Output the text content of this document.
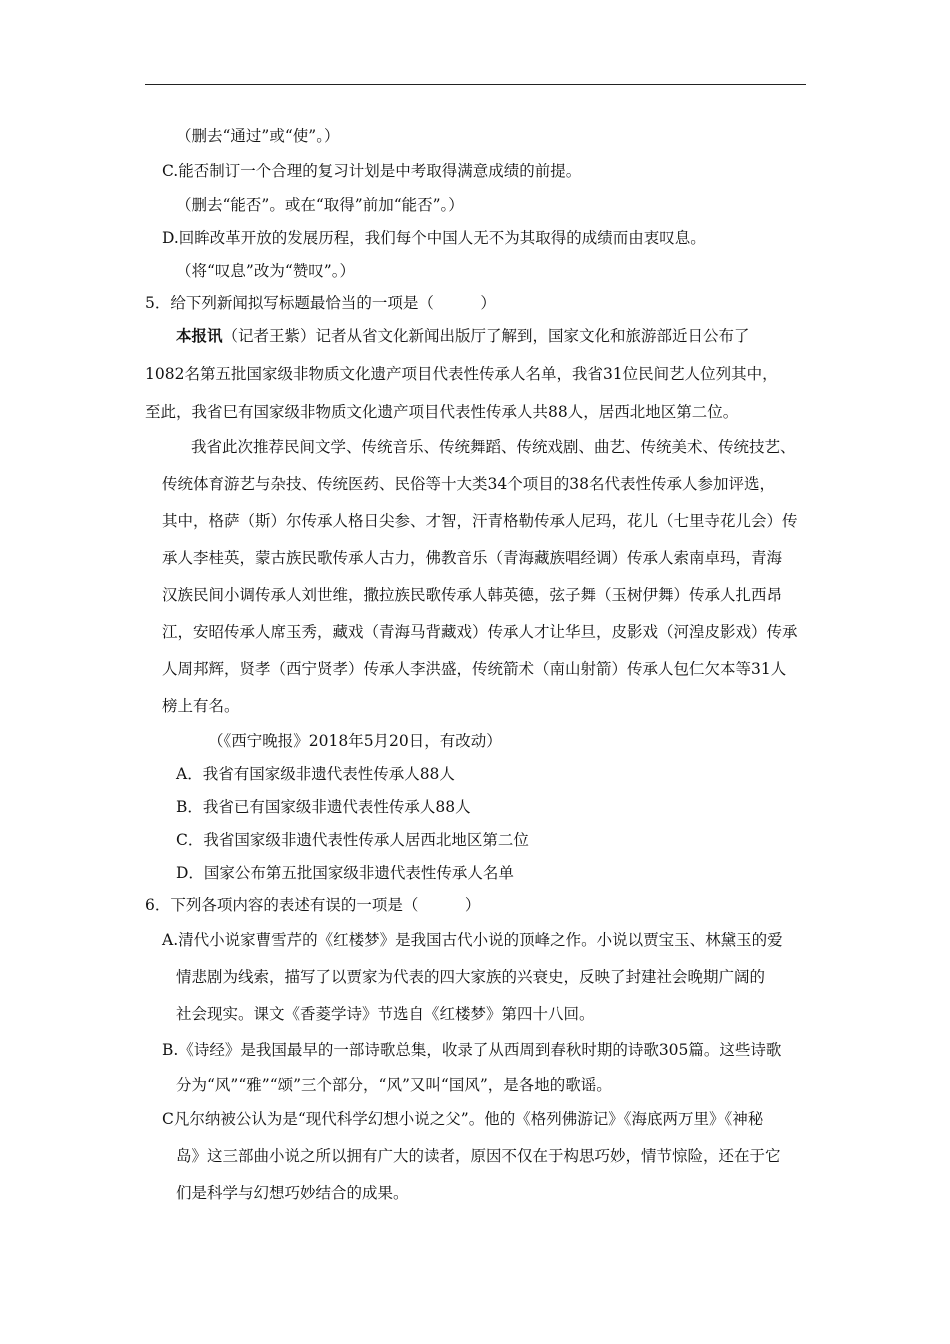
（删去“通过”或“使”。）
C.能否制订一个合理的复习计划是中考取得满意成绩的前提。
（删去“能否”。或在“取得”前加“能否”。）
D.回眸改革开放的发展历程，我们每个中国人无不为其取得的成绩而由衷叹息。
（将“叹息”改为“赞叹”。）
5．给下列新闻拟写标题最恰当的一项是（　　　）
本报讯（记者王紫）记者从省文化新闻出版厅了解到，国家文化和旅游部近日公布了
1082名第五批国家级非物质文化遗产项目代表性传承人名单，我省31位民间艺人位列其中，
至此，我省巳有国家级非物质文化遗产项目代表性传承人共88人，居西北地区第二位。
我省此次推荐民间文学、传统音乐、传统舞蹈、传统戏剧、曲艺、传统美术、传统技艺、
传统体育游艺与杂技、传统医药、民俗等十大类34个项目的38名代表性传承人参加评选，
其中，格萨（斯）尔传承人格日尖参、才智，汗青格勒传承人尼玛，花儿（七里寺花儿会）传
承人李桂英，蒙古族民歌传承人古力，佛教音乐（青海藏族唱经调）传承人索南卓玛，青海
汉族民间小调传承人刘世维，撒拉族民歌传承人韩英德，弦子舞（玉树伊舞）传承人扎西昂
江，安昭传承人席玉秀，藏戏（青海马背藏戏）传承人才让华旦，皮影戏（河湟皮影戏）传承
人周邦辉，贤孝（西宁贤孝）传承人李洪盛，传统箭术（南山射箭）传承人包仁欠本等31人
榜上有名。
（《西宁晚报》2018年5月20日，有改动）
A．我省有国家级非遗代表性传承人88人
B．我省已有国家级非遗代表性传承人88人
C．我省国家级非遗代表性传承人居西北地区第二位
D．国家公布第五批国家级非遗代表性传承人名单
6．下列各项内容的表述有误的一项是（　　　）
A.清代小说家曹雪芹的《红楼梦》是我国古代小说的顶峰之作。小说以贾宝玉、林黛玉的爱
情悲剧为线索，描写了以贾家为代表的四大家族的兴衰史，反映了封建社会晚期广阔的
社会现实。课文《香菱学诗》节选自《红楼梦》第四十八回。
B.《诗经》是我国最早的一部诗歌总集，收录了从西周到春秋时期的诗歌305篇。这些诗歌
分为“风”“雅”“颂”三个部分，“风”又叫“国风”，是各地的歌谣。
C凡尔纳被公认为是“现代科学幻想小说之父”。他的《格列佛游记》《海底两万里》《神秘
岛》这三部曲小说之所以拥有广大的读者，原因不仅在于构思巧妙，情节惊险，还在于它
们是科学与幻想巧妙结合的成果。
